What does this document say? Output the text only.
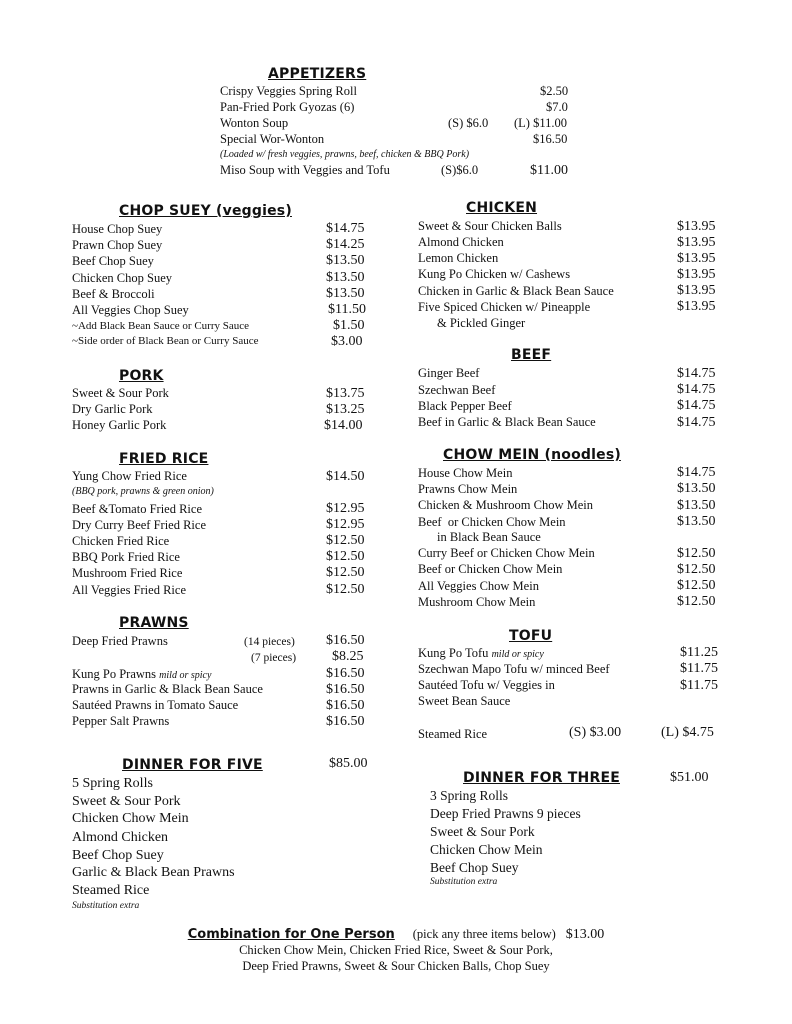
APPETIZERS
Crispy Veggies Spring Roll	$2.50
Pan-Fried Pork Gyozas (6)	$7.0
Wonton Soup	(S) $6.0 (L) $11.00
Special Wor-Wonton	$16.50
(Loaded w/ fresh veggies, prawns, beef, chicken & BBQ Pork)
Miso Soup with Veggies and Tofu	(S)$6.0	$11.00
CHOP SUEY (veggies)
House Chop Suey	$14.75
Prawn Chop Suey	$14.25
Beef Chop Suey	$13.50
Chicken Chop Suey	$13.50
Beef & Broccoli	$13.50
All Veggies Chop Suey	$11.50
~Add Black Bean Sauce or Curry Sauce	$1.50
~Side order of Black Bean or Curry Sauce	$3.00
PORK
Sweet & Sour Pork	$13.75
Dry Garlic Pork	$13.25
Honey Garlic Pork	$14.00
FRIED RICE
Yung Chow Fried Rice	$14.50
(BBQ pork, prawns & green onion)
Beef &Tomato Fried Rice	$12.95
Dry Curry Beef Fried Rice	$12.95
Chicken Fried Rice	$12.50
BBQ Pork Fried Rice	$12.50
Mushroom Fried Rice	$12.50
All Veggies Fried Rice	$12.50
PRAWNS
Deep Fried Prawns	(14 pieces) $16.50
(7 pieces)	$8.25
Kung Po Prawns mild or spicy	$16.50
Prawns in Garlic & Black Bean Sauce	$16.50
Sautéed Prawns in Tomato Sauce	$16.50
Pepper Salt Prawns	$16.50
CHICKEN
Sweet & Sour Chicken Balls	$13.95
Almond Chicken	$13.95
Lemon Chicken	$13.95
Kung Po Chicken w/ Cashews	$13.95
Chicken in Garlic & Black Bean Sauce	$13.95
Five Spiced Chicken w/ Pineapple	$13.95
& Pickled Ginger
BEEF
Ginger Beef	$14.75
Szechwan Beef	$14.75
Black Pepper Beef	$14.75
Beef in Garlic & Black Bean Sauce	$14.75
CHOW MEIN (noodles)
House Chow Mein	$14.75
Prawns Chow Mein	$13.50
Chicken & Mushroom Chow Mein	$13.50
Beef  or Chicken Chow Mein	$13.50
in Black Bean Sauce
Curry Beef or Chicken Chow Mein	$12.50
Beef or Chicken Chow Mein	$12.50
All Veggies Chow Mein	$12.50
Mushroom Chow Mein	$12.50
TOFU
Kung Po Tofu mild or spicy	$11.25
Szechwan Mapo Tofu w/ minced Beef	$11.75
Sautéed Tofu w/ Veggies in	$11.75
Sweet Bean Sauce
Steamed Rice	(S) $3.00	(L) $4.75
DINNER FOR FIVE	$85.00
5 Spring Rolls
Sweet & Sour Pork
Chicken Chow Mein
Almond Chicken
Beef Chop Suey
Garlic & Black Bean Prawns
Steamed Rice
Substitution extra
DINNER FOR THREE	$51.00
3 Spring Rolls
Deep Fried Prawns 9 pieces
Sweet & Sour Pork
Chicken Chow Mein
Beef Chop Suey
Substitution extra
Combination for One Person (pick any three items below) $13.00
Chicken Chow Mein, Chicken Fried Rice, Sweet & Sour Pork,
Deep Fried Prawns, Sweet & Sour Chicken Balls, Chop Suey
